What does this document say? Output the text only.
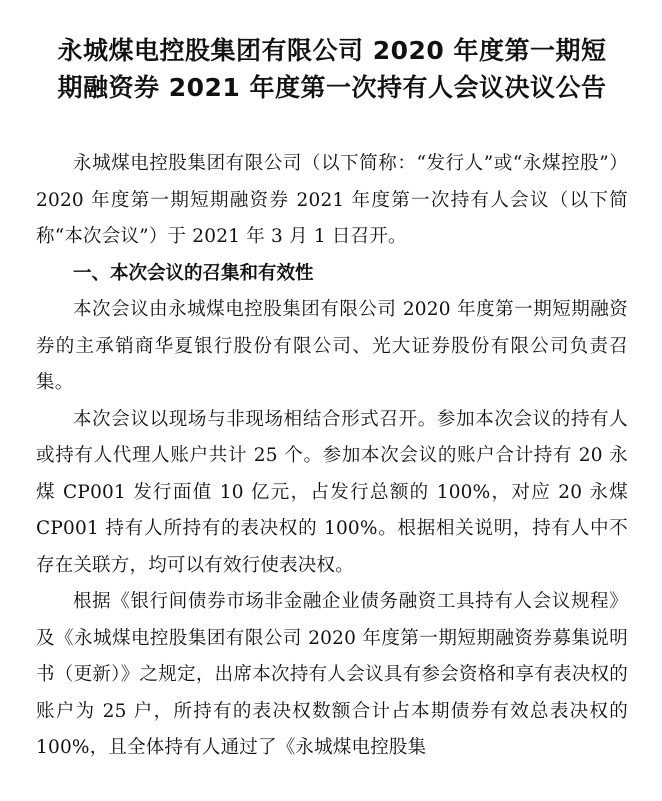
永城煤电控股集团有限公司 2020 年度第一期短
期融资券 2021 年度第一次持有人会议决议公告

永城煤电控股集团有限公司（以下简称：“发行人”或“永煤控股”）2020 年度第一期短期融资券 2021 年度第一次持有人会议（以下简称“本次会议”）于 2021 年 3 月 1 日召开。

一、本次会议的召集和有效性

本次会议由永城煤电控股集团有限公司 2020 年度第一期短期融资券的主承销商华夏银行股份有限公司、光大证券股份有限公司负责召集。

本次会议以现场与非现场相结合形式召开。参加本次会议的持有人或持有人代理人账户共计 25 个。参加本次会议的账户合计持有 20 永煤 CP001 发行面值 10 亿元，占发行总额的 100%，对应 20 永煤 CP001 持有人所持有的表决权的 100%。根据相关说明，持有人中不存在关联方，均可以有效行使表决权。

根据《银行间债券市场非金融企业债务融资工具持有人会议规程》及《永城煤电控股集团有限公司 2020 年度第一期短期融资券募集说明书（更新）》之规定，出席本次持有人会议具有参会资格和享有表决权的账户为 25 户，所持有的表决权数额合计占本期债券有效总表决权的 100%，且全体持有人通过了《永城煤电控股集
